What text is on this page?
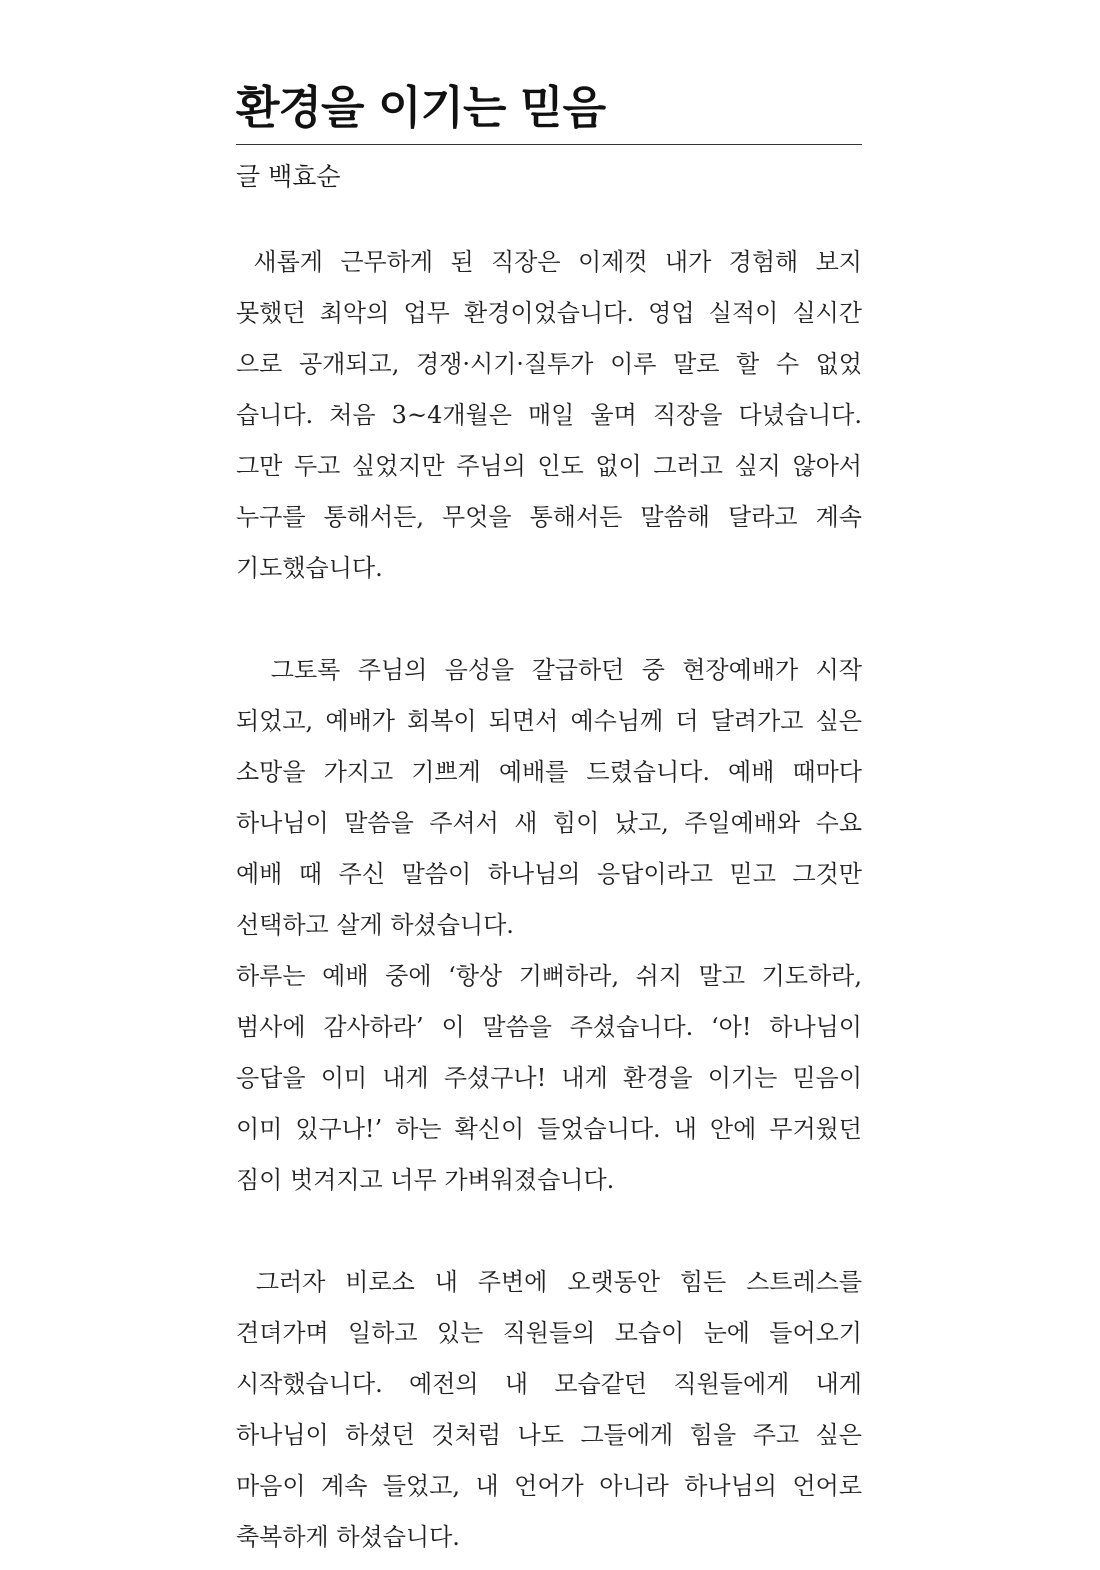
환경을 이기는 믿음
글 백효순
새롭게 근무하게 된 직장은 이제껏 내가 경험해 보지
못했던 최악의 업무 환경이었습니다. 영업 실적이 실시간
으로 공개되고, 경쟁·시기·질투가 이루 말로 할 수 없었
습니다. 처음 3~4개월은 매일 울며 직장을 다녔습니다.
그만 두고 싶었지만 주님의 인도 없이 그러고 싶지 않아서
누구를 통해서든, 무엇을 통해서든 말씀해 달라고 계속
기도했습니다.
그토록 주님의 음성을 갈급하던 중 현장예배가 시작
되었고, 예배가 회복이 되면서 예수님께 더 달려가고 싶은
소망을 가지고 기쁘게 예배를 드렸습니다. 예배 때마다
하나님이 말씀을 주셔서 새 힘이 났고, 주일예배와 수요
예배 때 주신 말씀이 하나님의 응답이라고 믿고 그것만
선택하고 살게 하셨습니다.
하루는 예배 중에 ‘항상 기뻐하라, 쉬지 말고 기도하라,
범사에 감사하라’ 이 말씀을 주셨습니다. ‘아! 하나님이
응답을 이미 내게 주셨구나! 내게 환경을 이기는 믿음이
이미 있구나!’ 하는 확신이 들었습니다. 내 안에 무거웠던
짐이 벗겨지고 너무 가벼워졌습니다.
그러자 비로소 내 주변에 오랫동안 힘든 스트레스를
견뎌가며 일하고 있는 직원들의 모습이 눈에 들어오기
시작했습니다. 예전의 내 모습같던 직원들에게 내게
하나님이 하셨던 것처럼 나도 그들에게 힘을 주고 싶은
마음이 계속 들었고, 내 언어가 아니라 하나님의 언어로
축복하게 하셨습니다.
